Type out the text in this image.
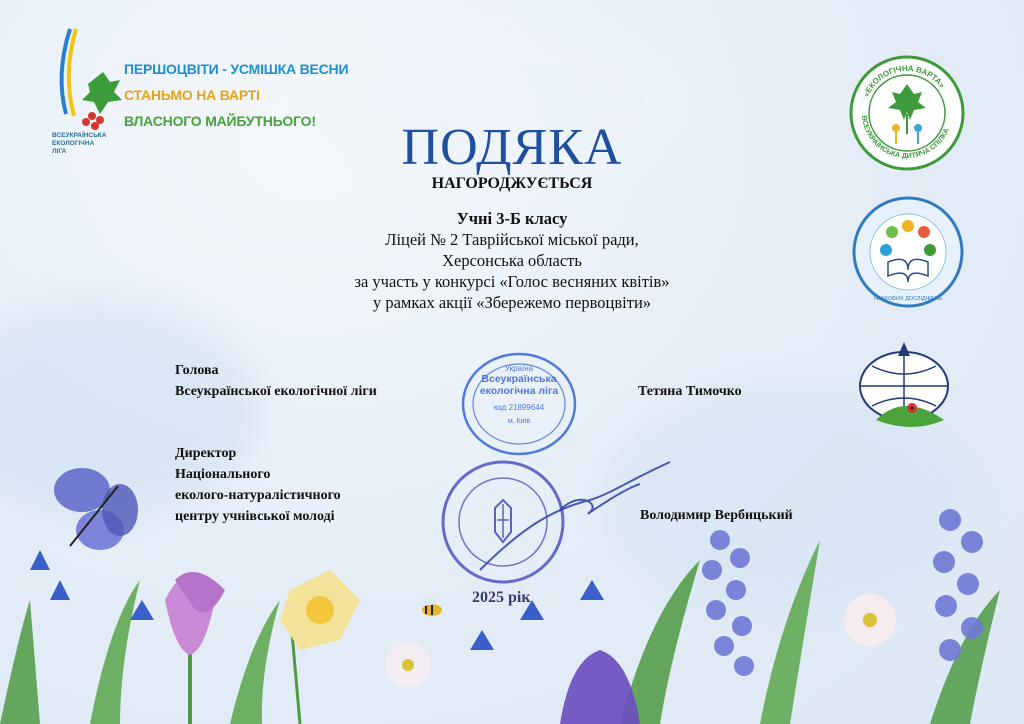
ВСЕУКРАЇНСЬКА
ЕКОЛОГІЧНА
ЛІГА
ПЕРШОЦВІТИ - УСМІШКА ВЕСНИ
СТАНЬМО НА ВАРТІ
ВЛАСНОГО МАЙБУТНЬОГО!
«ЕКОЛОГІЧНА ВАРТА»
ВСЕУКРАЇНСЬКА ДИТЯЧА СПІЛКА
НАУКОВИХ ДОСЛІДЖЕНЬ
ПОДЯКА
НАГОРОДЖУЄТЬСЯ
Учні 3-Б класу
Ліцей № 2 Таврійської міської ради,
Херсонська область
за участь у конкурсі «Голос весняних квітів»
у рамках акції «Збережемо первоцвіти»
Голова
Всеукраїнської екологічної ліги	Тетяна Тимочко
Директор
Національного
еколого-натуралістичного
центру учнівської молоді	Володимир Вербицький
Україна
Всеукраїнська
екологічна ліга
код 21899644
м. Київ
2025 рік
